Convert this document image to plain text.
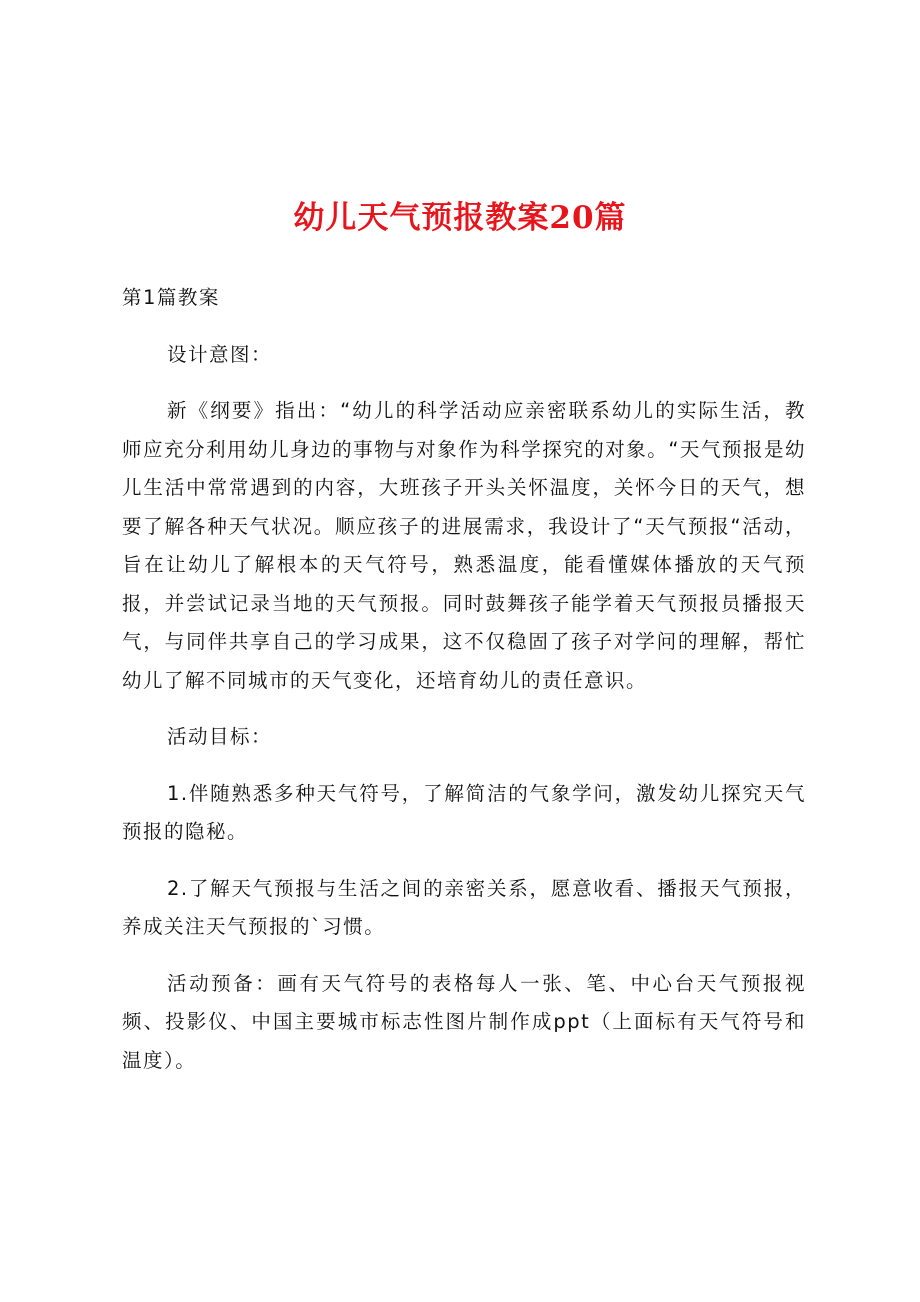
幼儿天气预报教案20篇

第1篇教案

设计意图：

新《纲要》指出：“幼儿的科学活动应亲密联系幼儿的实际生活，教师应充分利用幼儿身边的事物与对象作为科学探究的对象。“天气预报是幼儿生活中常常遇到的内容，大班孩子开头关怀温度，关怀今日的天气，想要了解各种天气状况。顺应孩子的进展需求，我设计了“天气预报“活动，旨在让幼儿了解根本的天气符号，熟悉温度，能看懂媒体播放的天气预报，并尝试记录当地的天气预报。同时鼓舞孩子能学着天气预报员播报天气，与同伴共享自己的学习成果，这不仅稳固了孩子对学问的理解，帮忙幼儿了解不同城市的天气变化，还培育幼儿的责任意识。

活动目标：

1.伴随熟悉多种天气符号，了解简洁的气象学问，激发幼儿探究天气预报的隐秘。

2.了解天气预报与生活之间的亲密关系，愿意收看、播报天气预报，养成关注天气预报的`习惯。

活动预备：画有天气符号的表格每人一张、笔、中心台天气预报视频、投影仪、中国主要城市标志性图片制作成ppt（上面标有天气符号和温度）。
